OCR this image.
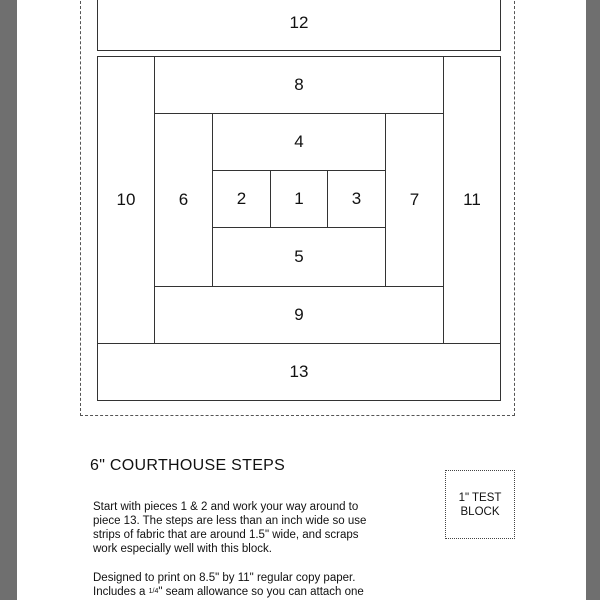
12
10	11
8
9
6	7
4
5
2	1	3
13
6" COURTHOUSE STEPS

Start with pieces 1 & 2 and work your way around to
piece 13. The steps are less than an inch wide so use
strips of fabric that are around 1.5" wide, and scraps
work especially well with this block.

Designed to print on 8.5" by 11" regular copy paper.
Includes a 1/4" seam allowance so you can attach one

1" TEST
BLOCK
